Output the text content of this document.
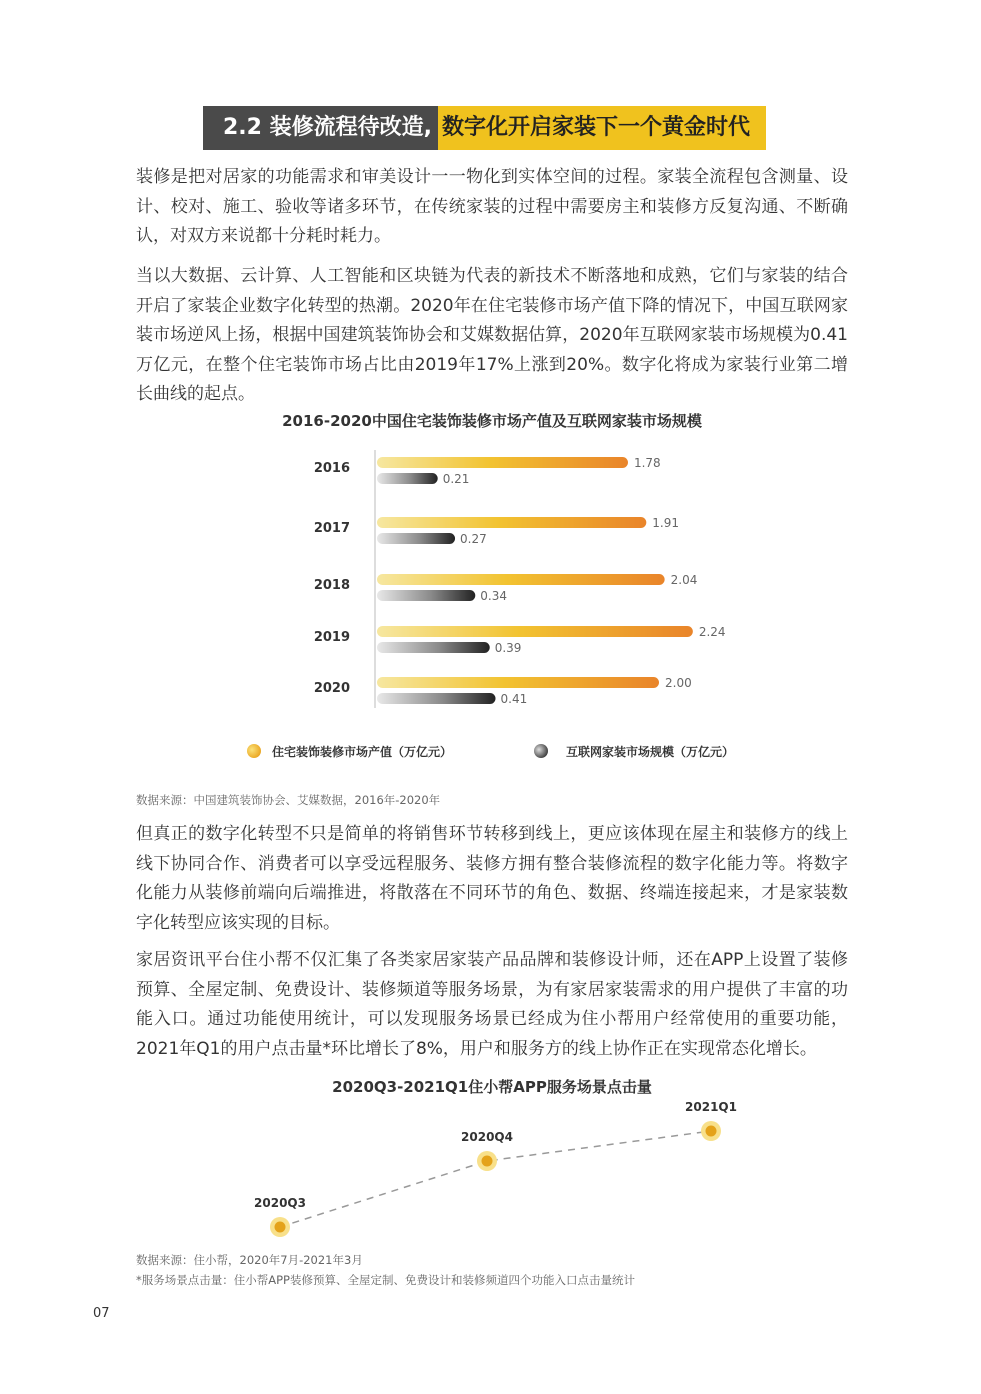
2.2 装修流程待改造, 数字化开启家装下一个黄金时代

装修是把对居家的功能需求和审美设计一一物化到实体空间的过程。家装全流程包含测量、设计、校对、施工、验收等诸多环节，在传统家装的过程中需要房主和装修方反复沟通、不断确认，对双方来说都十分耗时耗力。

当以大数据、云计算、人工智能和区块链为代表的新技术不断落地和成熟，它们与家装的结合开启了家装企业数字化转型的热潮。2020年在住宅装修市场产值下降的情况下，中国互联网家装市场逆风上扬，根据中国建筑装饰协会和艾媒数据估算，2020年互联网家装市场规模为0.41万亿元，在整个住宅装饰市场占比由2019年17%上涨到20%。数字化将成为家装行业第二增长曲线的起点。

2016-2020中国住宅装饰装修市场产值及互联网家装市场规模
2016	1.78
0.21
2017	1.91
0.27
2018	2.04
0.34
2019	2.24
0.39
2020	2.00
0.41
住宅装饰装修市场产值（万亿元）	互联网家装市场规模（万亿元）
数据来源：中国建筑装饰协会、艾媒数据，2016年-2020年

但真正的数字化转型不只是简单的将销售环节转移到线上，更应该体现在屋主和装修方的线上线下协同合作、消费者可以享受远程服务、装修方拥有整合装修流程的数字化能力等。将数字化能力从装修前端向后端推进，将散落在不同环节的角色、数据、终端连接起来，才是家装数字化转型应该实现的目标。

家居资讯平台住小帮不仅汇集了各类家居家装产品品牌和装修设计师，还在APP上设置了装修预算、全屋定制、免费设计、装修频道等服务场景，为有家居家装需求的用户提供了丰富的功能入口。通过功能使用统计，可以发现服务场景已经成为住小帮用户经常使用的重要功能，2021年Q1的用户点击量*环比增长了8%，用户和服务方的线上协作正在实现常态化增长。

2020Q3-2021Q1住小帮APP服务场景点击量
2020Q3
2020Q4
2021Q1
数据来源：住小帮，2020年7月-2021年3月
*服务场景点击量：住小帮APP装修预算、全屋定制、免费设计和装修频道四个功能入口点击量统计
07
